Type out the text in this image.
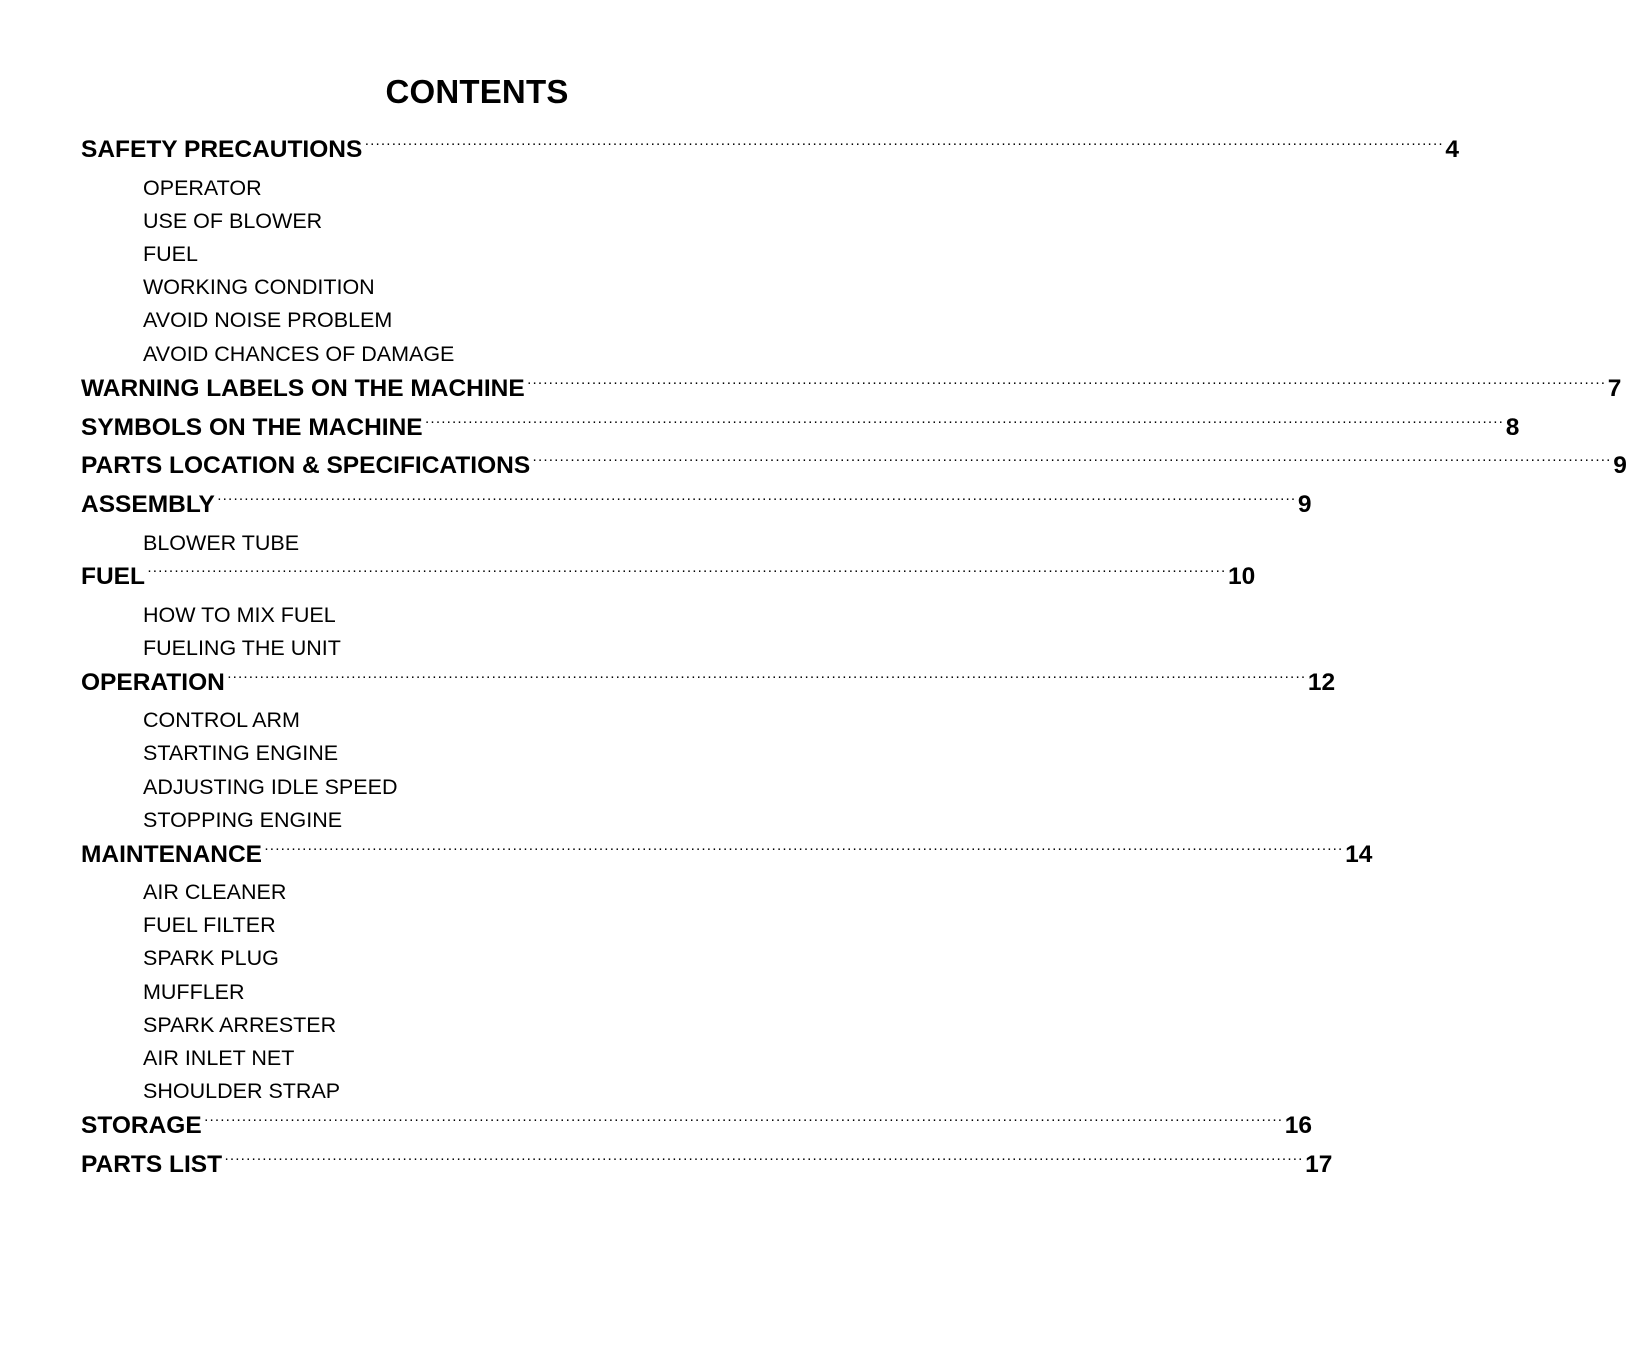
CONTENTS
SAFETY PRECAUTIONS ········································································································································································································ 4
OPERATOR
USE OF BLOWER
FUEL
WORKING CONDITION
AVOID NOISE PROBLEM
AVOID CHANCES OF DAMAGE
WARNING LABELS ON THE MACHINE ········································································································································································································ 7
SYMBOLS ON THE MACHINE ········································································································································································································ 8
PARTS LOCATION & SPECIFICATIONS ········································································································································································································ 9
ASSEMBLY ········································································································································································································ 9
BLOWER TUBE
FUEL ········································································································································································································ 10
HOW TO MIX FUEL
FUELING THE UNIT
OPERATION ········································································································································································································ 12
CONTROL ARM
STARTING ENGINE
ADJUSTING IDLE SPEED
STOPPING ENGINE
MAINTENANCE ········································································································································································································ 14
AIR CLEANER
FUEL FILTER
SPARK PLUG
MUFFLER
SPARK ARRESTER
AIR INLET NET
SHOULDER STRAP
STORAGE ········································································································································································································ 16
PARTS LIST ········································································································································································································ 17
